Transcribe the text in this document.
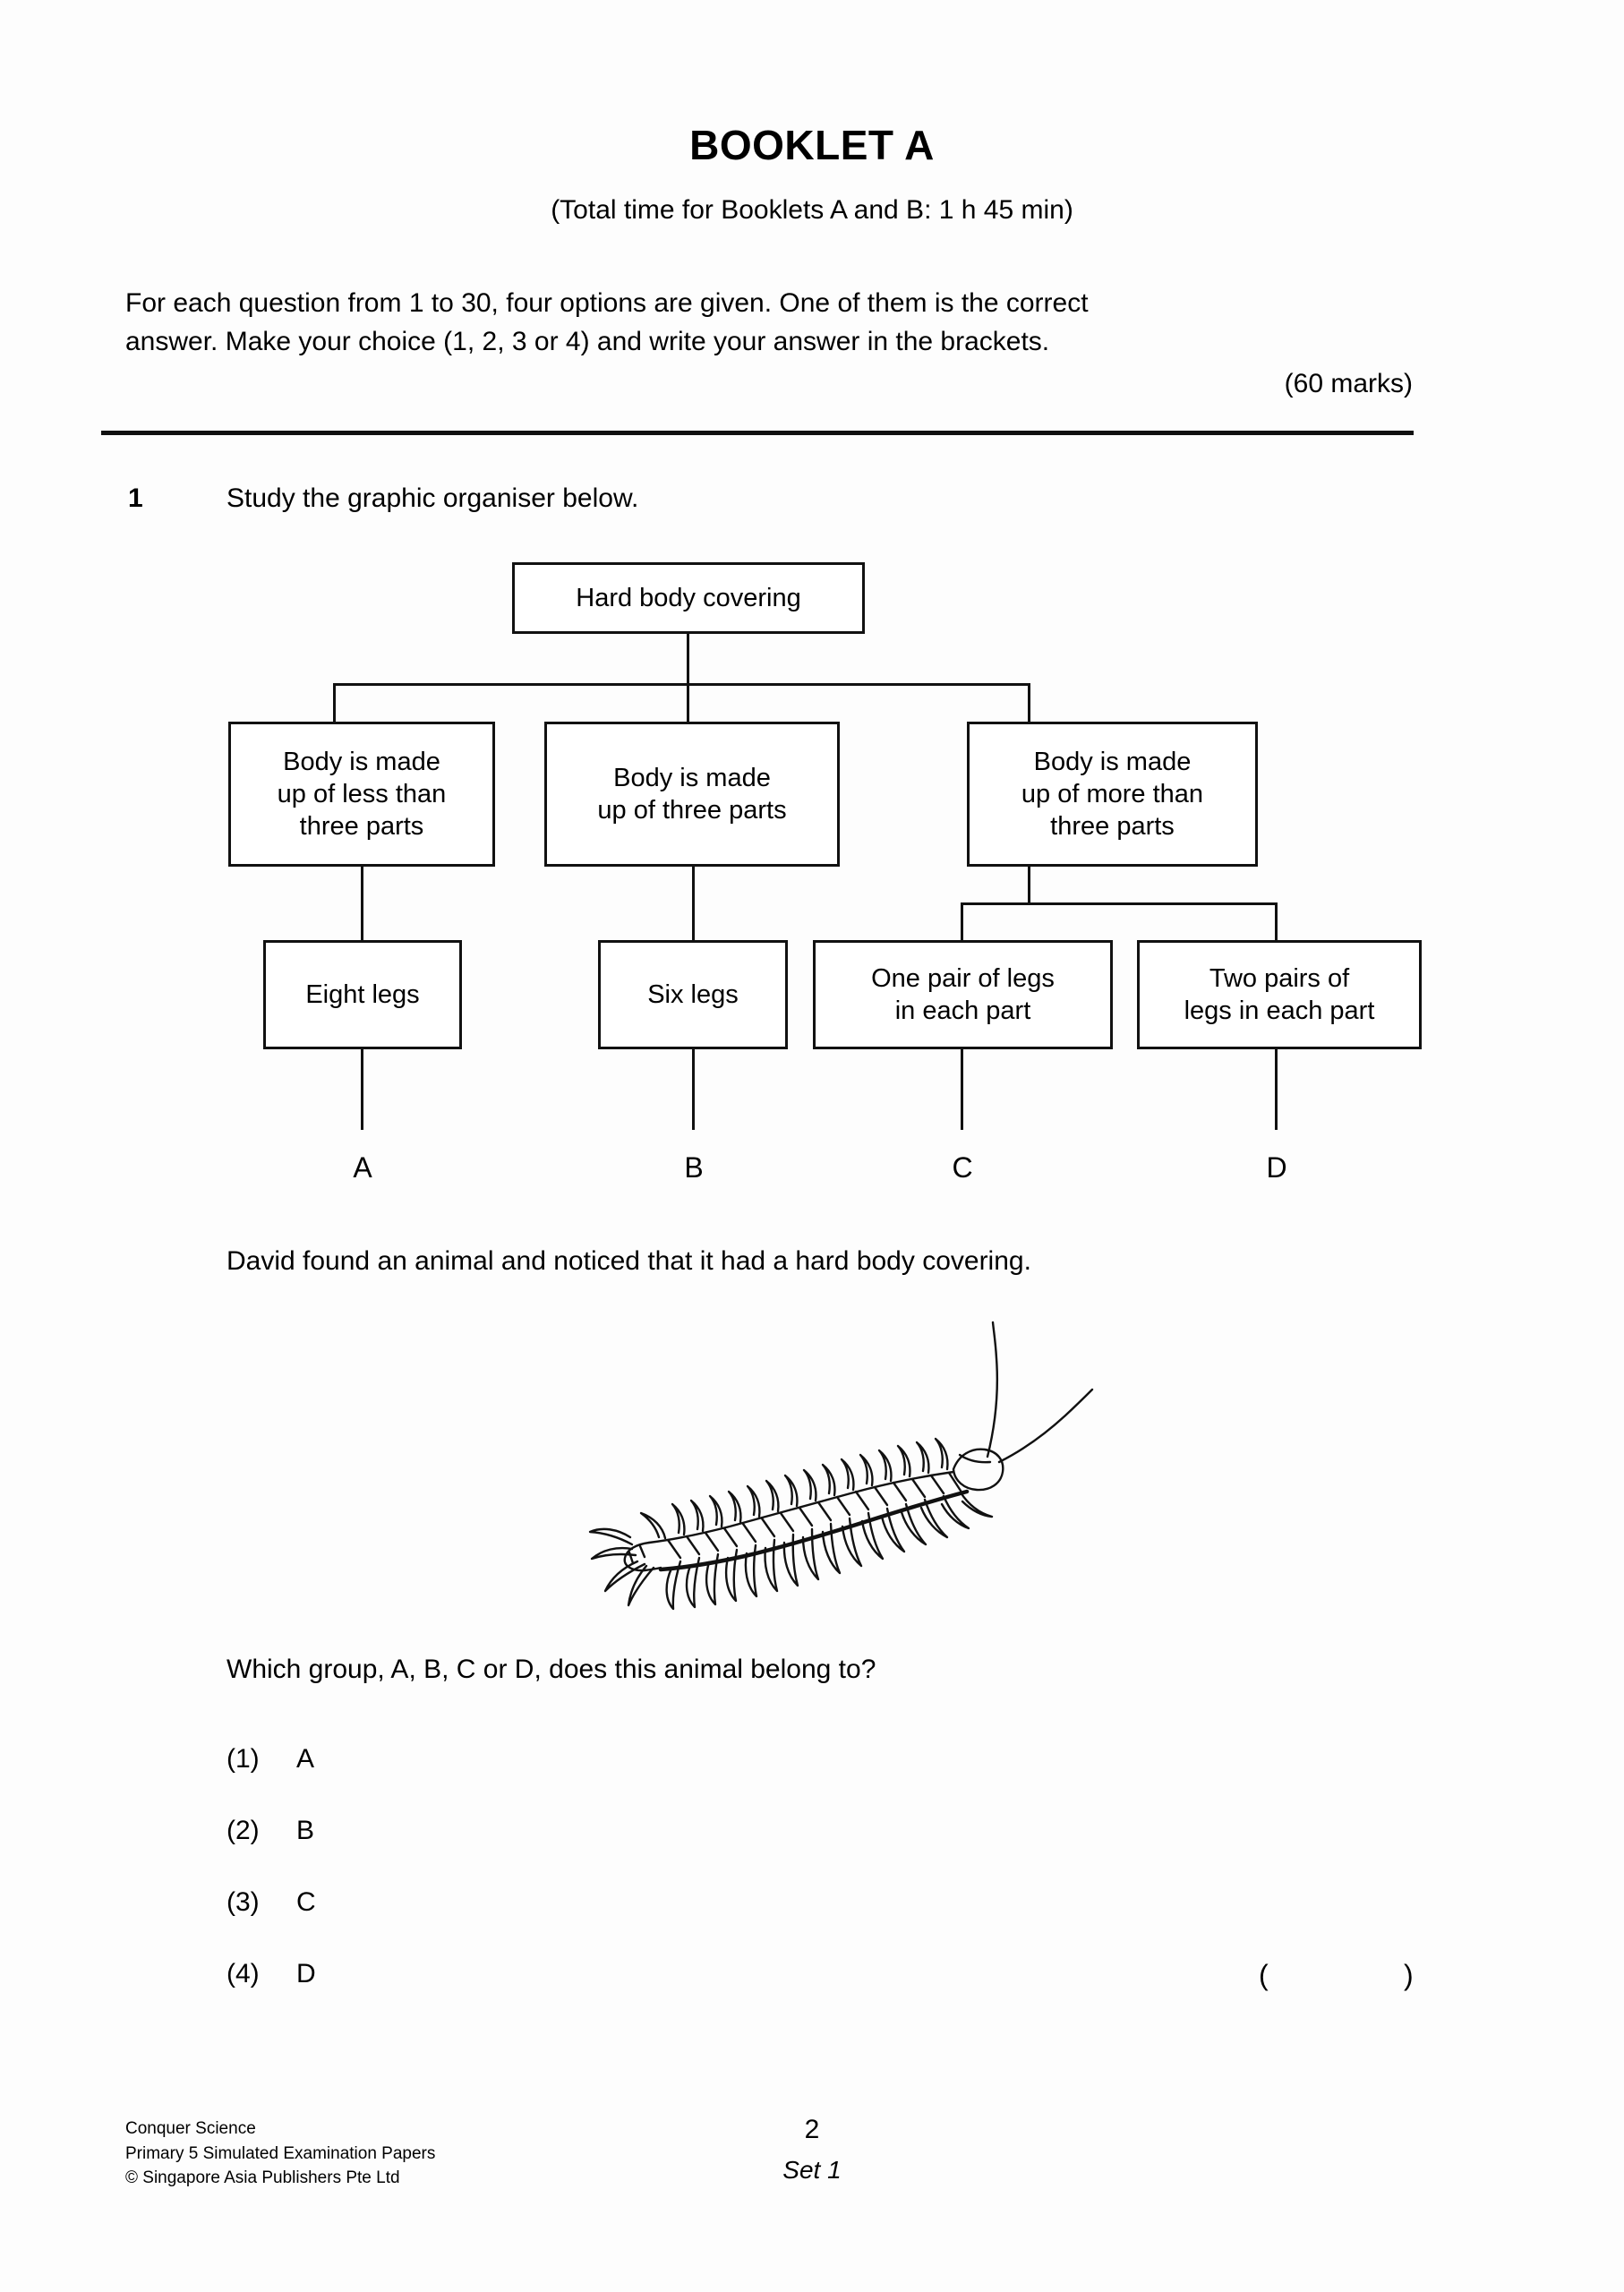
BOOKLET A
(Total time for Booklets A and B: 1 h 45 min)
For each question from 1 to 30, four options are given. One of them is the correct
answer. Make your choice (1, 2, 3 or 4) and write your answer in the brackets.
(60 marks)
1	Study the graphic organiser below.
Hard body covering
Body is made
up of less than
three parts
Body is made
up of three parts
Body is made
up of more than
three parts
Eight legs	Six legs
One pair of legs
in each part
Two pairs of
legs in each part
A	B	C	D
David found an animal and noticed that it had a hard body covering.
Which group, A, B, C or D, does this animal belong to?
(1) A
(2) B
(3) C
(4) D	(	)
Conquer Science
Primary 5 Simulated Examination Papers
© Singapore Asia Publishers Pte Ltd
2
Set 1
